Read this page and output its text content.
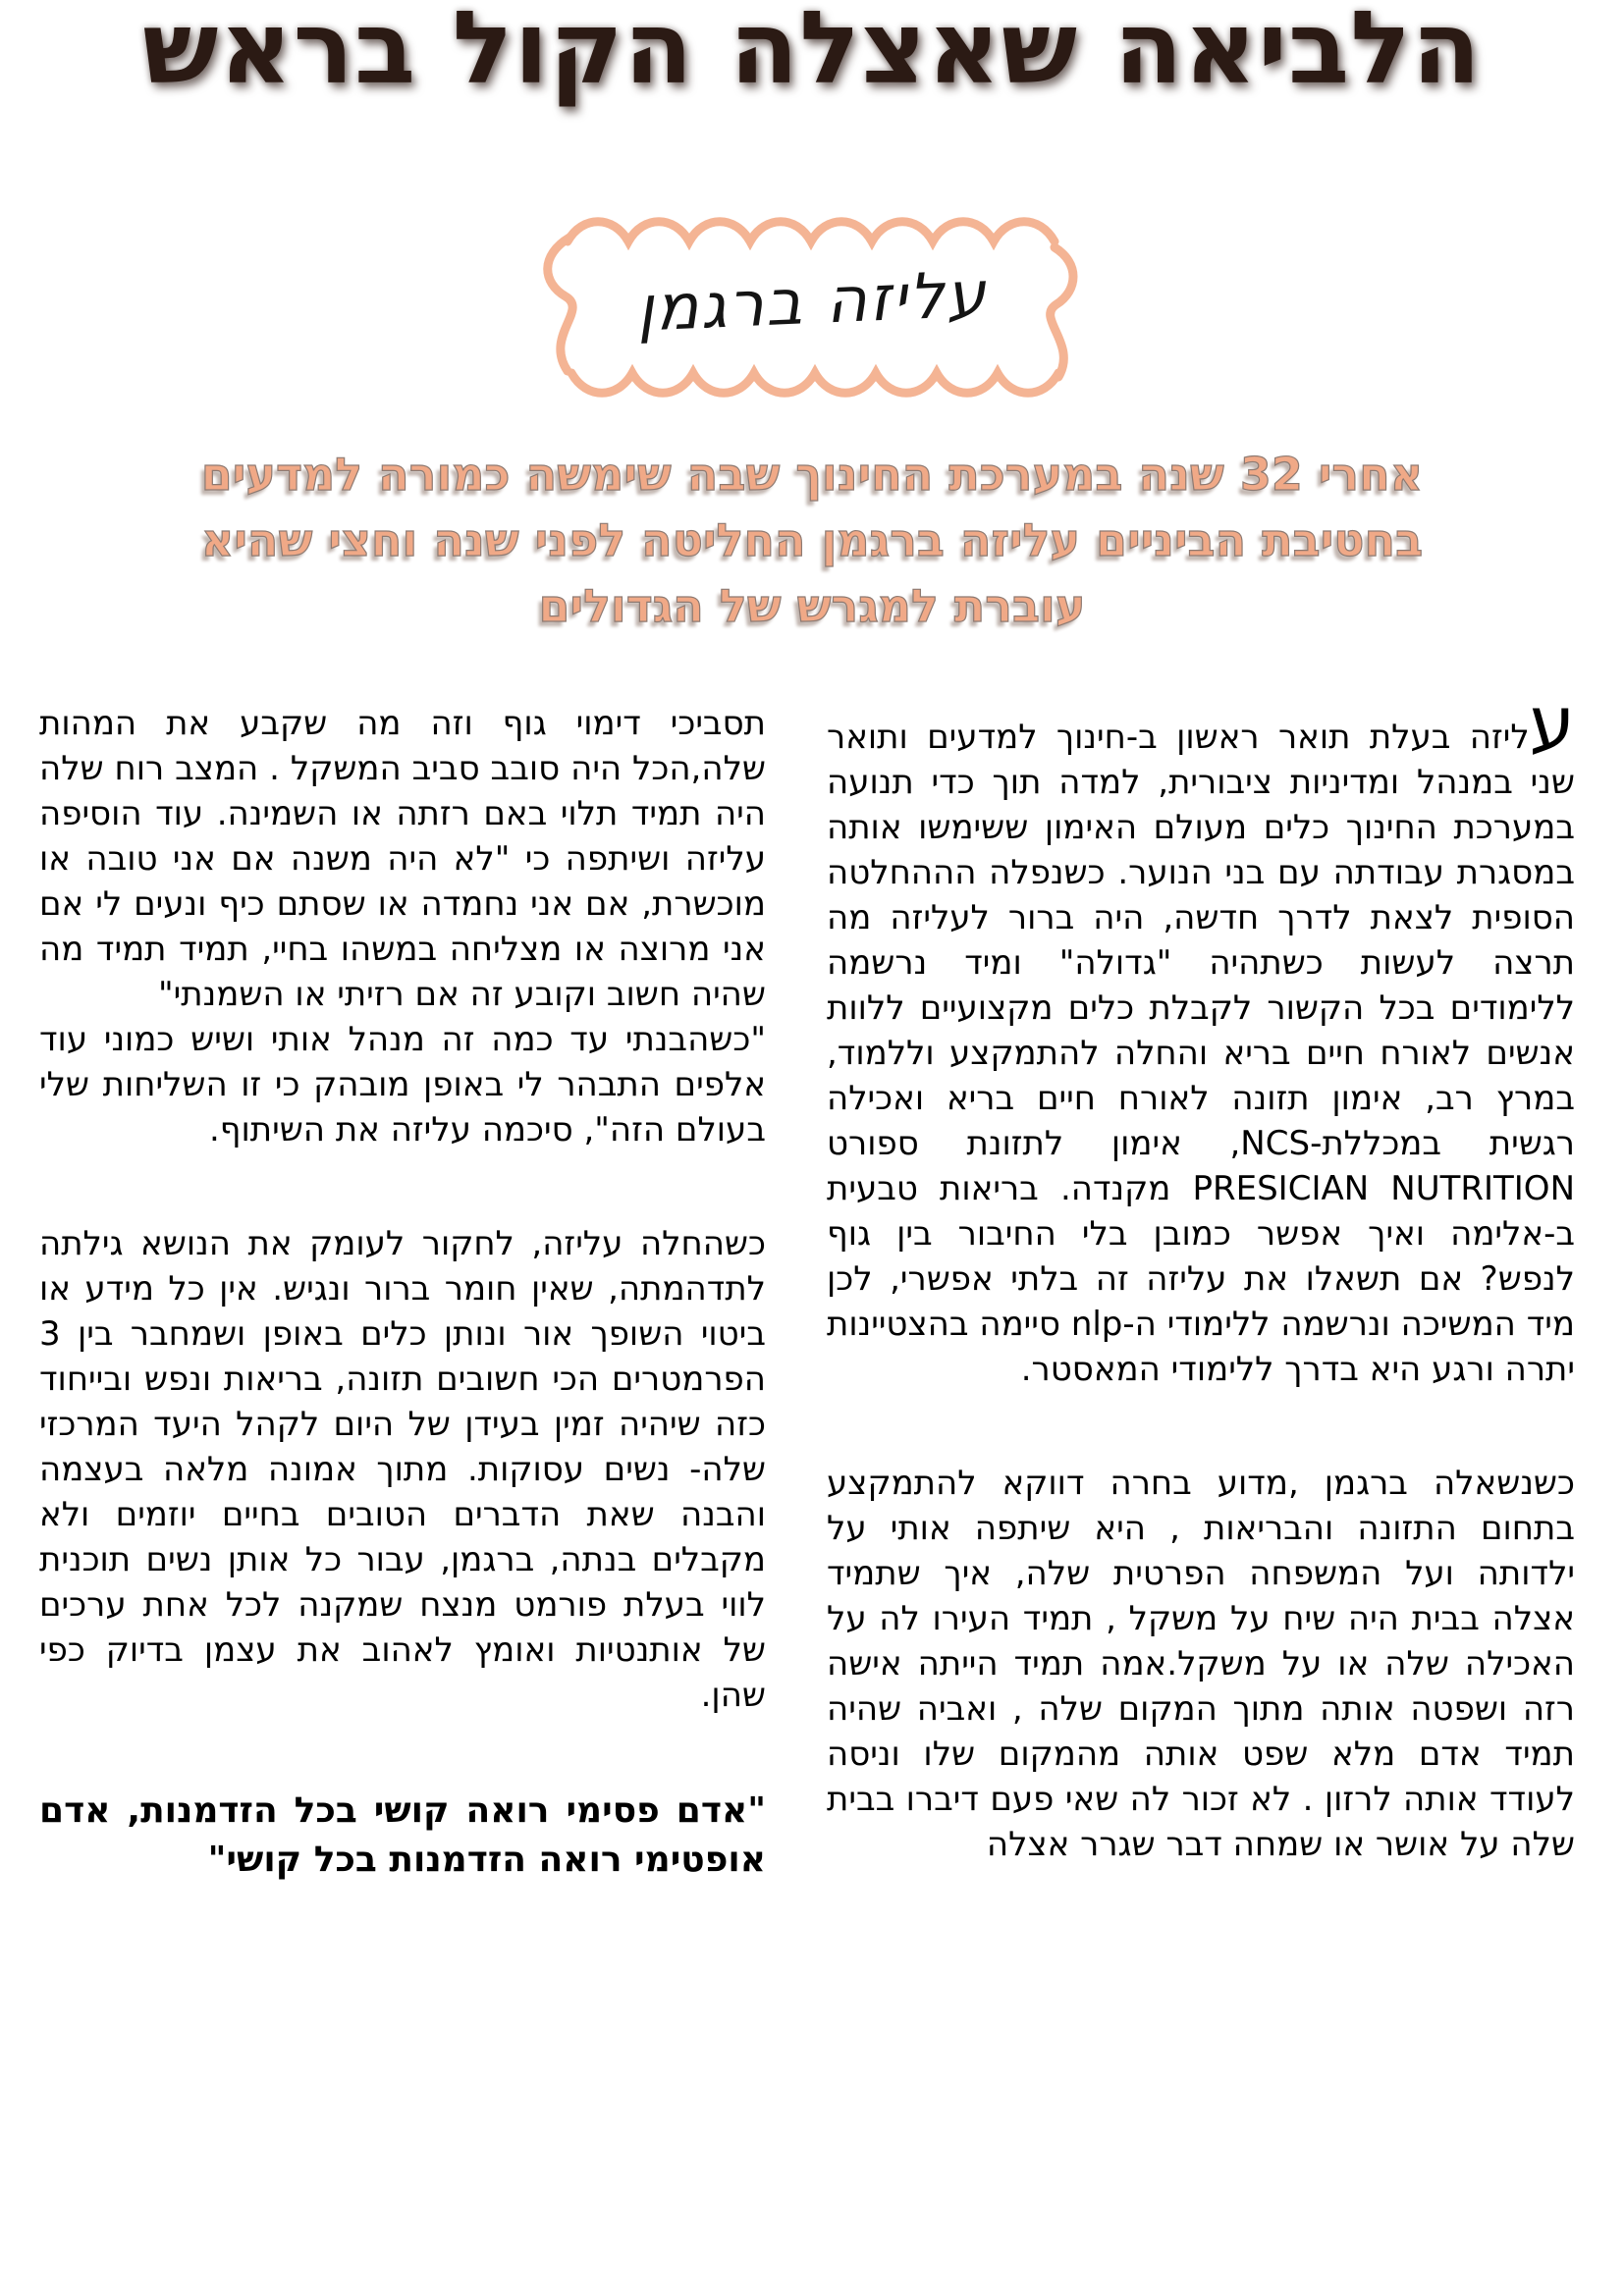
הלביאה שאצלה הקול בראש
עליזה ברגמן
אחרי 32 שנה במערכת החינוך שבה שימשה כמורה למדעים
בחטיבת הביניים עליזה ברגמן החליטה לפני שנה וחצי שהיא
עוברת למגרש של הגדולים

עליזה בעלת תואר ראשון ב-חינוך למדעים ותואר שני במנהל ומדיניות ציבורית, למדה תוך כדי תנועה במערכת החינוך כלים מעולם האימון ששימשו אותה במסגרת עבודתה עם בני הנוער. כשנפלה הההחלטה הסופית לצאת לדרך חדשה, היה ברור לעליזה מה תרצה לעשות כשתהיה "גדולה" ומיד נרשמה ללימודים בכל הקשור לקבלת כלים מקצועיים ללוות אנשים לאורח חיים בריא והחלה להתמקצע וללמוד, במרץ רב, אימון תזונה לאורח חיים בריא ואכילה רגשית במכללת-NCS, אימון לתזונת ספורט PRESICIAN NUTRITION מקנדה. בריאות טבעית ב-אלימה ואיך אפשר כמובן בלי החיבור בין גוף לנפש? אם תשאלו את עליזה זה בלתי אפשרי, לכן מיד המשיכה ונרשמה ללימודי ה-nlp סיימה בהצטיינות יתרה ורגע היא בדרך ללימודי המאסטר.

כשנשאלה ברגמן ,מדוע בחרה דווקא להתמקצע בתחום התזונה והבריאות , היא שיתפה אותי על ילדותה ועל המשפחה הפרטית שלה, איך שתמיד אצלה בבית היה שיח על משקל , תמיד העירו לה על האכילה שלה או על משקל.אמה תמיד הייתה אישה רזה ושפטה אותה מתוך המקום שלה , ואביה שהיה תמיד אדם מלא שפט אותה מהמקום שלו וניסה לעודד אותה לרזון . לא זכור לה שאי פעם דיברו בבית שלה על אושר או שמחה דבר שגרר אצלה

תסביכי דימוי גוף וזה מה שקבע את המהות שלה,הכל היה סובב סביב המשקל . המצב רוח שלה היה תמיד תלוי באם רזתה או השמינה. עוד הוסיפה עליזה ושיתפה כי "לא היה משנה אם אני טובה או מוכשרת, אם אני נחמדה או שסתם כיף ונעים לי אם אני מרוצה או מצליחה במשהו בחיי, תמיד תמיד מה שהיה חשוב וקובע זה אם רזיתי או השמנתי"

"כשהבנתי עד כמה זה מנהל אותי ושיש כמוני עוד אלפים התבהר לי באופן מובהק כי זו השליחות שלי בעולם הזה", סיכמה עליזה את השיתוף.

כשהחלה עליזה, לחקור לעומק את הנושא גילתה לתדהמתה, שאין חומר ברור ונגיש. אין כל מידע או ביטוי השופך אור ונותן כלים באופן ושמחבר בין 3 הפרמטרים הכי חשובים תזונה, בריאות ונפש ובייחוד כזה שיהיה זמין בעידן של היום לקהל היעד המרכזי שלה- נשים עסוקות. מתוך אמונה מלאה בעצמה והבנה שאת הדברים הטובים בחיים יוזמים ולא מקבלים בנתה, ברגמן, עבור כל אותן נשים תוכנית לווי בעלת פורמט מנצח שמקנה לכל אחת ערכים של אותנטיות ואומץ לאהוב את עצמן בדיוק כפי שהן.

"אדם פסימי רואה קושי בכל הזדמנות, אדם אופטימי רואה הזדמנות בכל קושי"
